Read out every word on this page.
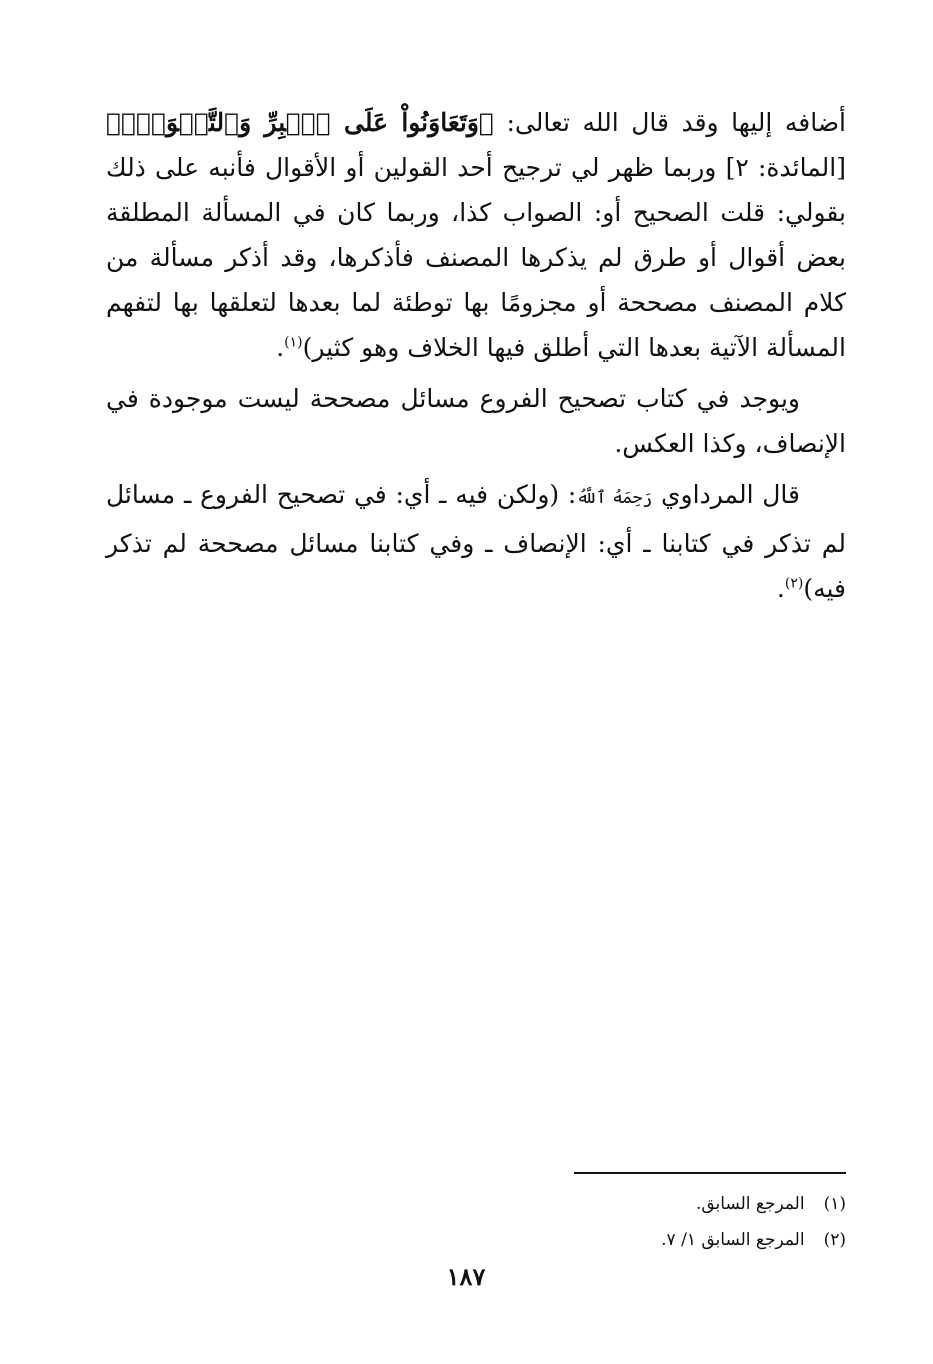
أضافه إليها وقد قال الله تعالى: ﴿وَتَعَاوَنُواْ عَلَى ٱلۡبِرِّ وَٱلتَّقۡوَىٰۖ﴾ [المائدة: ٢] وربما ظهر لي ترجيح أحد القولين أو الأقوال فأنبه على ذلك بقولي: قلت الصحيح أو: الصواب كذا، وربما كان في المسألة المطلقة بعض أقوال أو طرق لم يذكرها المصنف فأذكرها، وقد أذكر مسألة من كلام المصنف مصححة أو مجزومًا بها توطئة لما بعدها لتعلقها بها لتفهم المسألة الآتية بعدها التي أطلق فيها الخلاف وهو كثير)$^{(١)}$.

ويوجد في كتاب تصحيح الفروع مسائل مصححة ليست موجودة في الإنصاف، وكذا العكس.

قال المرداوي رَحِمَهُ ٱللَّهُ: (ولكن فيه ـ أي: في تصحيح الفروع ـ مسائل لم تذكر في كتابنا ـ أي: الإنصاف ـ وفي كتابنا مسائل مصححة لم تذكر فيه)$^{(٢)}$.

(١) المرجع السابق.
(٢) المرجع السابق ١/ ٧.
١٨٧
